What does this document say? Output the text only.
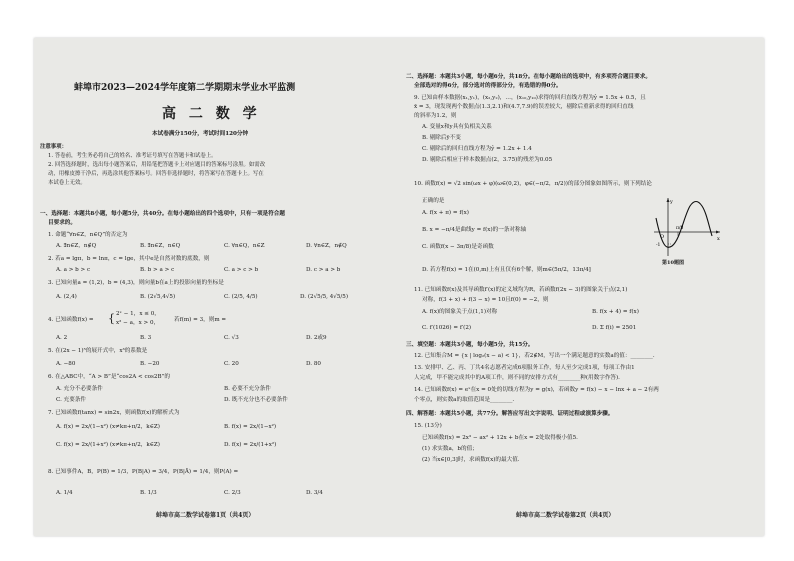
蚌埠市2023—2024学年度第二学期期末学业水平监测
高 二 数 学
本试卷满分150分，考试时间120分钟
注意事项：
1. 答卷前，考生务必将自己的姓名、准考证号填写在答题卡和试卷上。
2. 回答选择题时，选出每小题答案后，用铅笔把答题卡上对应题目的答案标号涂黑。如需改
动，用橡皮擦干净后，再选涂其他答案标号。回答非选择题时，将答案写在答题卡上。写在
本试卷上无效。
一、选择题：本题共8小题，每小题5分，共40分。在每小题给出的四个选项中，只有一项是符合题
目要求的。
1. 命题“∀n∈Z，n∈Q”的否定为
A. ∃n∈Z，n∉Q	B. ∃n∈Z，n∈Q	C. ∀n∈Q，n∈Z	D. ∀n∈Z，n∉Q
2. 若a = lgπ，b = lnπ，c = lge，其中e是自然对数的底数，则
A. a > b > c	B. b > a > c	C. a > c > b	D. c > a > b
3. 已知向量a = (1,2)，b = (4,3)，则向量b在a上的投影向量的坐标是
A. (2,4)	B. (2√5,4√5)	C. (2/5, 4/5)	D. (2√5/5, 4√5/5)
4. 已知函数f(x) = { 2ˣ − 1，x ≤ 0，
x² − a，x > 0，	若f(m) = 3，则m =
A. 2	B. 3	C. √3	D. 2或9
5. 在(2x − 1)⁵的展开式中，x³的系数是
A. −80	B. −20	C. 20	D. 80
6. 在△ABC中，“A > B”是“cos2A < cos2B”的
A. 充分不必要条件	B. 必要不充分条件
C. 充要条件	D. 既不充分也不必要条件
7. 已知函数f(tanx) = sin2x，则函数f(x)的解析式为
A. f(x) = 2x/(1−x²) (x≠kπ+π/2，k∈Z)	B. f(x) = 2x/(1−x²)
C. f(x) = 2x/(1+x²) (x≠kπ+π/2，k∈Z)	D. f(x) = 2x/(1+x²)
8. 已知事件A，B，P(B) = 1/3，P(B|A) = 3/4，P(B|Ā) = 1/4，则P(A) =
A. 1/4	B. 1/3	C. 2/3	D. 3/4
蚌埠市高二数学试卷第1页（共4页）
二、选择题：本题共3小题，每小题6分，共18分。在每小题给出的选项中，有多项符合题目要求。
全部选对的得6分，部分选对的得部分分，有选错的得0分。
9. 已知由样本数据(x₁,y₁)，(x₂,y₂)，…，(x₁₀,y₁₀)求得的回归直线方程为ŷ = 1.5x + 0.5，且
x̄ = 3，现发现两个数据点(1.3,2.1)和(4.7,7.9)的误差较大，剔除后重新求得的回归直线
的斜率为1.2，则
A. 变量x和y具有负相关关系
B. 剔除后ȳ不变
C. 剔除后的回归直线方程为ŷ = 1.2x + 1.4
D. 剔除后相应于样本数据点(2，3.75)的残差为0.05
10. 函数f(x) = √2 sin(ωx + φ)(ω∈(0,2)，φ∈(−π/2，π/2))的部分图象如图所示，则下列结论
正确的是
A. f(x + π) = f(x)
B. x = −π/4是曲线y = f(x)的一条对称轴
C. 函数f(x − 3π/8)是奇函数
D. 若方程f(x) = 1在(0,m)上有且仅有6个解，则m∈(5π/2，13π/4]
O	x
y
π/8
-1
第10题图
11. 已知函数f(x)及其导函数f′(x)的定义域均为R，若函数f(2x − 3)的图象关于点(2,1)
对称，f(3 + x) + f(3 − x) = 10且f(0) = −2，则
A. f(x)的图象关于点(1,1)对称	B. f(x + 4) = f(x)
C. f′(1026) = f′(2)	D. Σ f(i) = 2501
三、填空题：本题共3小题，每小题5分，共15分。
12. 已知集合M = {x | log₂(x − a) < 1}，若2∉M，写出一个满足题意的实数a的值：________.
13. 安排甲、乙、丙、丁共4名志愿者完成6项服务工作，每人至少完成1项，每项工作由1
人完成，甲不能完成其中的A项工作，则不同的安排方式有________种(用数字作答).
14. 已知函数f(x) = eˣ在x = 0处的切线方程为y = g(x)，若函数y = f(x) − x − lnx + a − 2有两
个零点，则实数a的取值范围是________.
四、解答题：本题共5小题，共77分。解答应写出文字说明、证明过程或演算步骤。
15. (13分)
已知函数f(x) = 2x³ − ax² + 12x + b在x = 2处取得极小值5.
(1) 求实数a，b的值；
(2) 当x∈[0,3]时，求函数f(x)的最大值.
蚌埠市高二数学试卷第2页（共4页）
